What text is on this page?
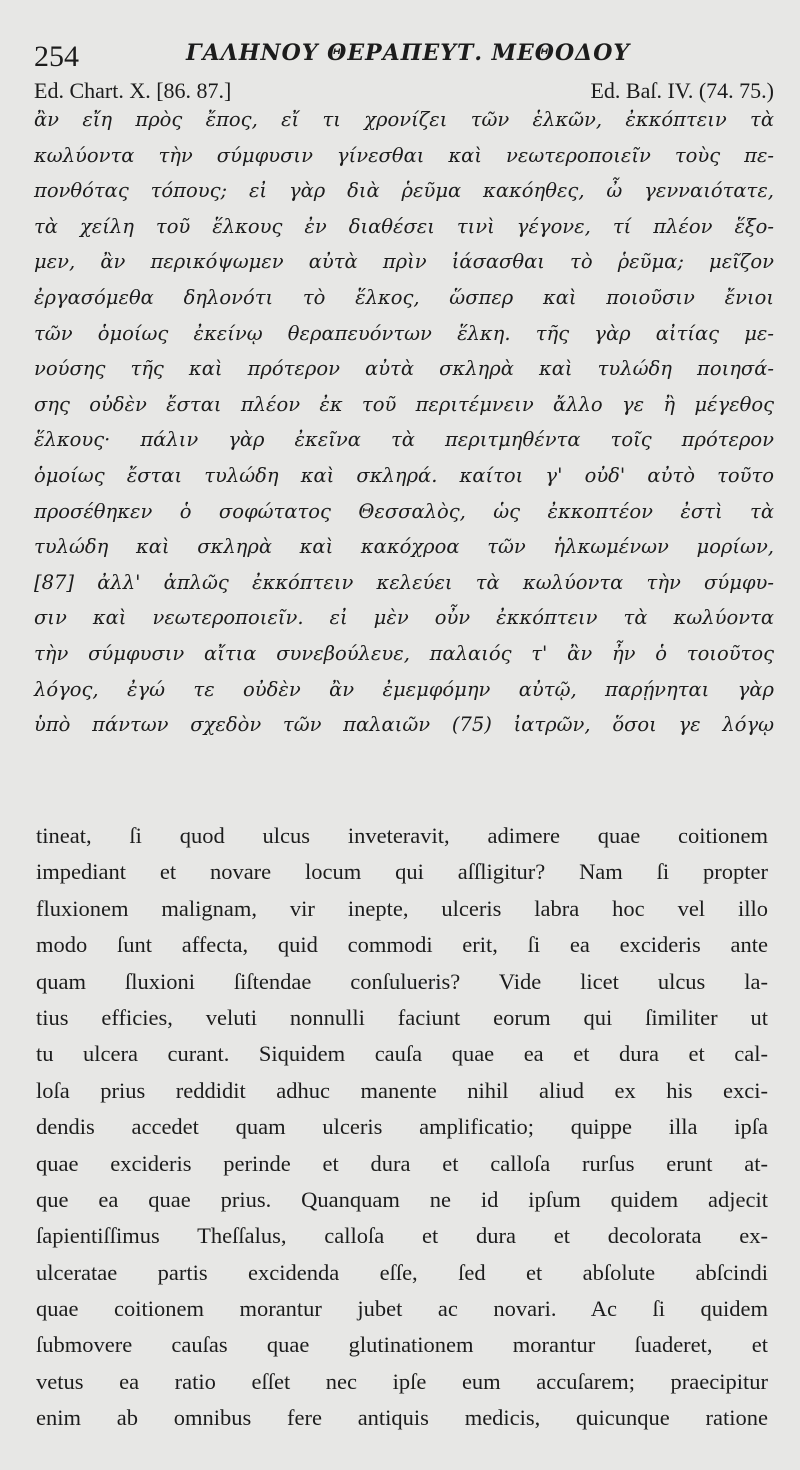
254	ΓΑΛΗΝΟΥ ΘΕΡΑΠΕΥΤ. ΜΕΘΟΔΟΥ
Ed. Chart. X. [86. 87.]	Ed. Baſ. IV. (74. 75.)
ἂν εἴη πρὸς ἔπος, εἴ τι χρονίζει τῶν ἑλκῶν, ἐκκόπτειν τὰ
κωλύοντα τὴν σύμφυσιν γίνεσθαι καὶ νεωτεροποιεῖν τοὺς πε-
πονθότας τόπους; εἰ γὰρ διὰ ῥεῦμα κακόηθες, ὦ γενναιότατε,
τὰ χείλη τοῦ ἕλκους ἐν διαθέσει τινὶ γέγονε, τί πλέον ἕξο-
μεν, ἂν περικόψωμεν αὐτὰ πρὶν ἰάσασθαι τὸ ῥεῦμα; μεῖζον
ἐργασόμεθα δηλονότι τὸ ἕλκος, ὥσπερ καὶ ποιοῦσιν ἔνιοι
τῶν ὁμοίως ἐκείνῳ θεραπευόντων ἕλκη. τῆς γὰρ αἰτίας με-
νούσης τῆς καὶ πρότερον αὐτὰ σκληρὰ καὶ τυλώδη ποιησά-
σης οὐδὲν ἔσται πλέον ἐκ τοῦ περιτέμνειν ἄλλο γε ἢ μέγεθος
ἕλκους· πάλιν γὰρ ἐκεῖνα τὰ περιτμηθέντα τοῖς πρότερον
ὁμοίως ἔσται τυλώδη καὶ σκληρά. καίτοι γ' οὐδ' αὐτὸ τοῦτο
προσέθηκεν ὁ σοφώτατος Θεσσαλὸς, ὡς ἐκκοπτέον ἐστὶ τὰ
τυλώδη καὶ σκληρὰ καὶ κακόχροα τῶν ἡλκωμένων μορίων,
[87] ἀλλ' ἁπλῶς ἐκκόπτειν κελεύει τὰ κωλύοντα τὴν σύμφυ-
σιν καὶ νεωτεροποιεῖν. εἰ μὲν οὖν ἐκκόπτειν τὰ κωλύοντα
τὴν σύμφυσιν αἴτια συνεβούλευε, παλαιός τ' ἂν ἦν ὁ τοιοῦτος
λόγος, ἐγώ τε οὐδὲν ἂν ἐμεμφόμην αὐτῷ, παρῄνηται γὰρ
ὑπὸ πάντων σχεδὸν τῶν παλαιῶν (75) ἰατρῶν, ὅσοι γε λόγῳ
tineat, ſi quod ulcus inveteravit, adimere quae coitionem
impediant et novare locum qui aſſligitur? Nam ſi propter
fluxionem malignam, vir inepte, ulceris labra hoc vel illo
modo ſunt affecta, quid commodi erit, ſi ea excideris ante
quam ſluxioni ſiſtendae conſulueris? Vide licet ulcus la-
tius efficies, veluti nonnulli faciunt eorum qui ſimiliter ut
tu ulcera curant. Siquidem cauſa quae ea et dura et cal-
loſa prius reddidit adhuc manente nihil aliud ex his exci-
dendis accedet quam ulceris amplificatio; quippe illa ipſa
quae excideris perinde et dura et calloſa rurſus erunt at-
que ea quae prius. Quanquam ne id ipſum quidem adjecit
ſapientiſſimus Theſſalus, calloſa et dura et decolorata ex-
ulceratae partis excidenda eſſe, ſed et abſolute abſcindi
quae coitionem morantur jubet ac novari. Ac ſi quidem
ſubmovere cauſas quae glutinationem morantur ſuaderet, et
vetus ea ratio eſſet nec ipſe eum accuſarem; praecipitur
enim ab omnibus fere antiquis medicis, quicunque ratione
